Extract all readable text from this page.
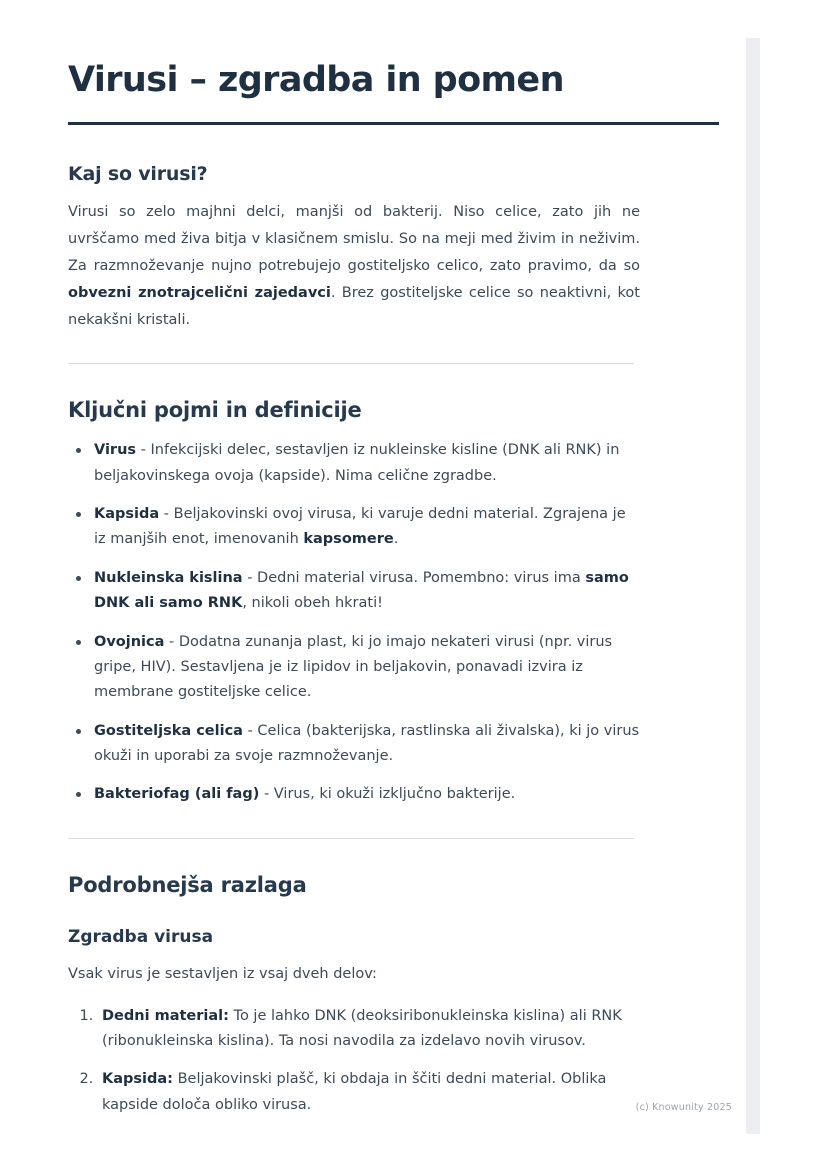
Virusi – zgradba in pomen
Kaj so virusi?

Virusi so zelo majhni delci, manjši od bakterij. Niso celice, zato jih ne uvrščamo med živa bitja v klasičnem smislu. So na meji med živim in neživim. Za razmnoževanje nujno potrebujejo gostiteljsko celico, zato pravimo, da so obvezni znotrajcelični zajedavci. Brez gostiteljske celice so neaktivni, kot nekakšni kristali.

Ključni pojmi in definicije
Virus - Infekcijski delec, sestavljen iz nukleinske kisline (DNK ali RNK) in beljakovinskega ovoja (kapside). Nima celične zgradbe.
Kapsida - Beljakovinski ovoj virusa, ki varuje dedni material. Zgrajena je iz manjših enot, imenovanih kapsomere.
Nukleinska kislina - Dedni material virusa. Pomembno: virus ima samo DNK ali samo RNK, nikoli obeh hkrati!
Ovojnica - Dodatna zunanja plast, ki jo imajo nekateri virusi (npr. virus gripe, HIV). Sestavljena je iz lipidov in beljakovin, ponavadi izvira iz membrane gostiteljske celice.
Gostiteljska celica - Celica (bakterijska, rastlinska ali živalska), ki jo virus okuži in uporabi za svoje razmnoževanje.
Bakteriofag (ali fag) - Virus, ki okuži izključno bakterije.
Podrobnejša razlaga
Zgradba virusa

Vsak virus je sestavljen iz vsaj dveh delov:

1. Dedni material: To je lahko DNK (deoksiribonukleinska kislina) ali RNK (ribonukleinska kislina). Ta nosi navodila za izdelavo novih virusov.
2. Kapsida: Beljakovinski plašč, ki obdaja in ščiti dedni material. Oblika kapside določa obliko virusa.	(c) Knowunity 2025
